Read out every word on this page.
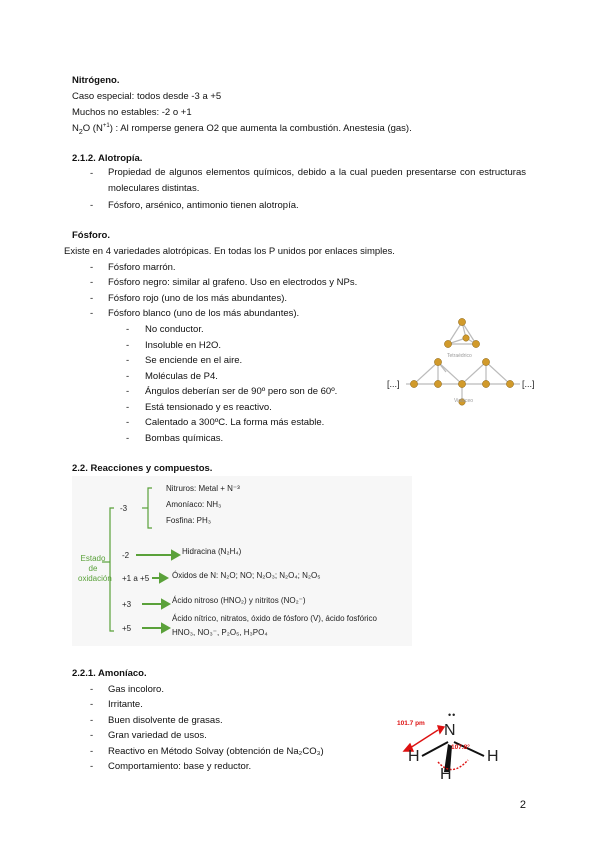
Nitrógeno.
Caso especial: todos desde -3 a +5
Muchos no estables: -2 o +1
$N_2O$ $(N^{+1})$ : Al romperse genera O2 que aumenta la combustión. Anestesia (gas).
2.1.2. Alotropía.
- Propiedad de algunos elementos químicos, debido a la cual pueden presentarse con estructuras moleculares distintas.
- Fósforo, arsénico, antimonio tienen alotropía.
Fósforo.
Existe en 4 variedades alotrópicas. En todas los P unidos por enlaces simples.
- Fósforo marrón.
- Fósforo negro: similar al grafeno. Uso en electrodos y NPs.
- Fósforo rojo (uno de los más abundantes).
- Fósforo blanco (uno de los más abundantes).
- No conductor.
- Insoluble en H2O.
- Se enciende en el aire.
- Moléculas de P4.
- Ángulos deberían ser de 90º pero son de 60º.
- Está tensionado y es reactivo.
- Calentado a 300ºC. La forma más estable.
- Bombas químicas.
Tetraédrico
Violáceo
[...]	[...]
2.2. Reacciones y compuestos.
Estado
de
oxidación
-3
Nitruros: Metal + N⁻³
Amoníaco: NH₃
Fosfina: PH₃
-2	Hidracina (N₂H₄)
+1 a +5	Óxidos de N: N₂O; NO; N₂O₃; N₂O₄; N₂O₅
+3	Ácido nitroso (HNO₂) y nitritos (NO₂⁻)
+5
Ácido nítrico, nitratos, óxido de fósforo (V), ácido fosfórico
HNO₃, NO₃⁻, P₂O₅, H₃PO₄
2.2.1. Amoníaco.
- Gas incoloro.
- Irritante.
- Buen disolvente de grasas.
- Gran variedad de usos.
- Reactivo en Método Solvay (obtención de Na₂CO₃)
- Comportamiento: base y reductor.
101.7 pm
107.8°
N
••
H	H
H
2
